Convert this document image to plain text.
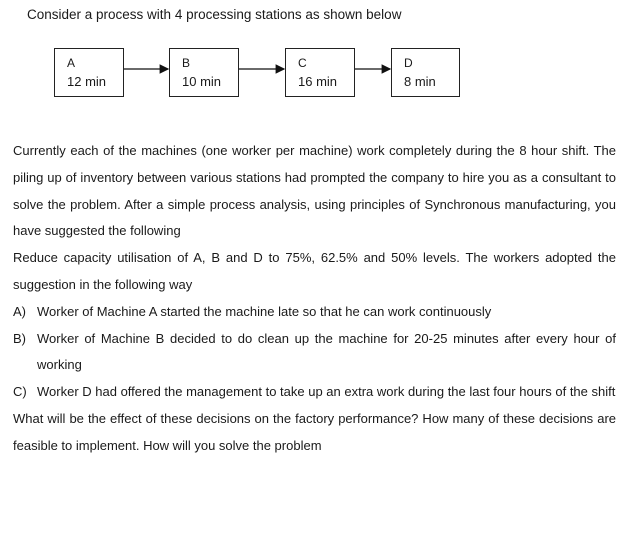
Consider a process with 4 processing stations as shown below
A
12 min
B
10 min
C
16 min
D
8 min

Currently each of the machines (one worker per machine) work completely during the 8 hour shift. The piling up of inventory between various stations had prompted the company to hire you as a consultant to solve the problem. After a simple process analysis, using principles of Synchronous manufacturing, you have suggested the following

Reduce capacity utilisation of A, B and D to 75%, 62.5% and 50% levels. The workers adopted the suggestion in the following way

A) Worker of Machine A started the machine late so that he can work continuously
B) Worker of Machine B decided to do clean up the machine for 20-25 minutes after every hour of working
C) Worker D had offered the management to take up an extra work during the last four hours of the shift

What will be the effect of these decisions on the factory performance? How many of these decisions are feasible to implement. How will you solve the problem
